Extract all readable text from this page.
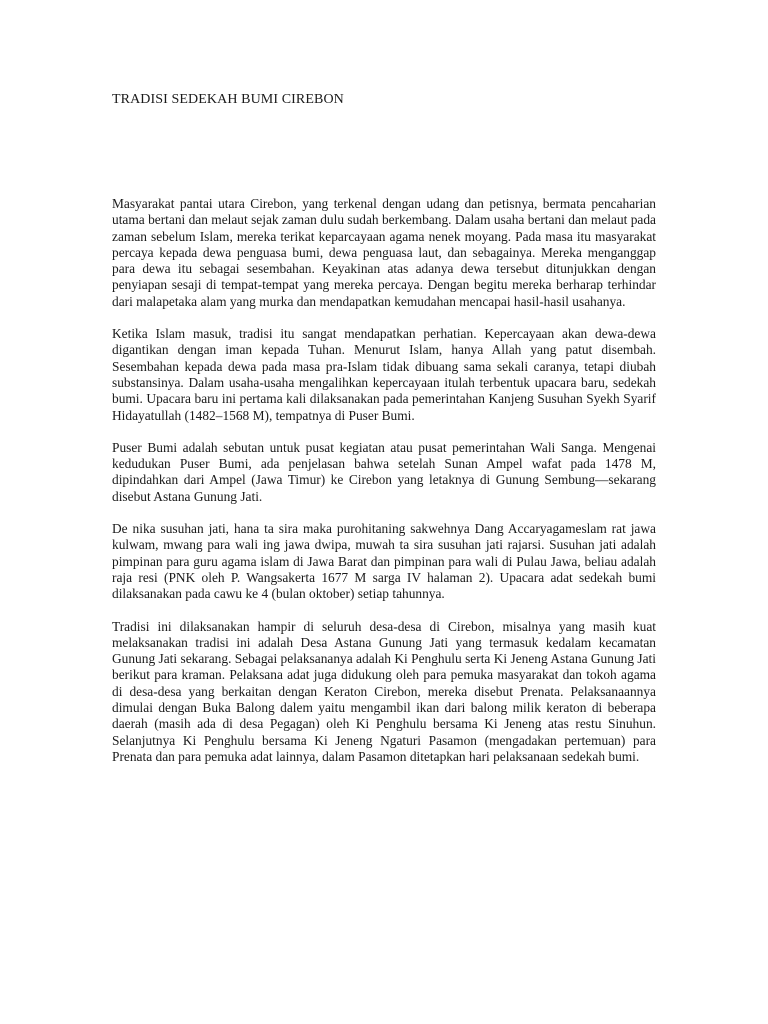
TRADISI SEDEKAH BUMI CIREBON

Masyarakat pantai utara Cirebon, yang terkenal dengan udang dan petisnya, bermata pencaharian utama bertani dan melaut sejak zaman dulu sudah berkembang. Dalam usaha bertani dan melaut pada zaman sebelum Islam, mereka terikat keparcayaan agama nenek moyang. Pada masa itu masyarakat percaya kepada dewa penguasa bumi, dewa penguasa laut, dan sebagainya. Mereka menganggap para dewa itu sebagai sesembahan. Keyakinan atas adanya dewa tersebut ditunjukkan dengan penyiapan sesaji di tempat-tempat yang mereka percaya. Dengan begitu mereka berharap terhindar dari malapetaka alam yang murka dan mendapatkan kemudahan mencapai hasil-hasil usahanya.

Ketika Islam masuk, tradisi itu sangat mendapatkan perhatian. Kepercayaan akan dewa-dewa digantikan dengan iman kepada Tuhan. Menurut Islam, hanya Allah yang patut disembah. Sesembahan kepada dewa pada masa pra-Islam tidak dibuang sama sekali caranya, tetapi diubah substansinya. Dalam usaha-usaha mengalihkan kepercayaan itulah terbentuk upacara baru, sedekah bumi. Upacara baru ini pertama kali dilaksanakan pada pemerintahan Kanjeng Susuhan Syekh Syarif Hidayatullah (1482–1568 M), tempatnya di Puser Bumi.

Puser Bumi adalah sebutan untuk pusat kegiatan atau pusat pemerintahan Wali Sanga. Mengenai kedudukan Puser Bumi, ada penjelasan bahwa setelah Sunan Ampel wafat pada 1478 M, dipindahkan dari Ampel (Jawa Timur) ke Cirebon yang letaknya di Gunung Sembung—sekarang disebut Astana Gunung Jati.

De nika susuhan jati, hana ta sira maka purohitaning sakwehnya Dang Accaryagameslam rat jawa kulwam, mwang para wali ing jawa dwipa, muwah ta sira susuhan jati rajarsi. Susuhan jati adalah pimpinan para guru agama islam di Jawa Barat dan pimpinan para wali di Pulau Jawa, beliau adalah raja resi (PNK oleh P. Wangsakerta 1677 M sarga IV halaman 2). Upacara adat sedekah bumi dilaksanakan pada cawu ke 4 (bulan oktober) setiap tahunnya.

Tradisi ini dilaksanakan hampir di seluruh desa-desa di Cirebon, misalnya yang masih kuat melaksanakan tradisi ini adalah Desa Astana Gunung Jati yang termasuk kedalam kecamatan Gunung Jati sekarang. Sebagai pelaksananya adalah Ki Penghulu serta Ki Jeneng Astana Gunung Jati berikut para kraman. Pelaksana adat juga didukung oleh para pemuka masyarakat dan tokoh agama di desa-desa yang berkaitan dengan Keraton Cirebon, mereka disebut Prenata. Pelaksanaannya dimulai dengan Buka Balong dalem yaitu mengambil ikan dari balong milik keraton di beberapa daerah (masih ada di desa Pegagan) oleh Ki Penghulu bersama Ki Jeneng atas restu Sinuhun. Selanjutnya Ki Penghulu bersama Ki Jeneng Ngaturi Pasamon (mengadakan pertemuan) para Prenata dan para pemuka adat lainnya, dalam Pasamon ditetapkan hari pelaksanaan sedekah bumi.
